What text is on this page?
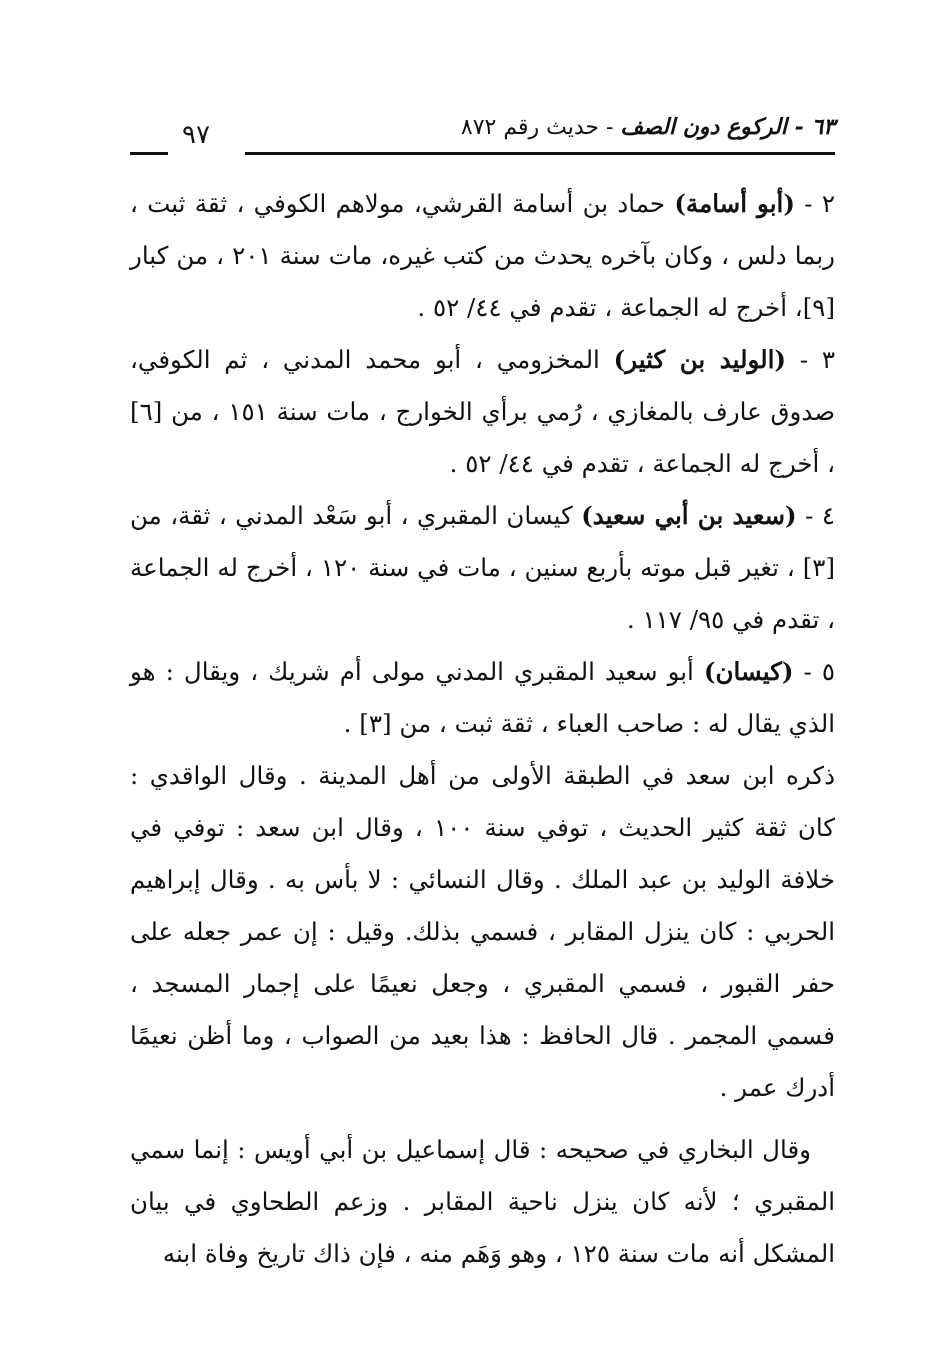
٦٣ - الركوع دون الصف - حديث رقم ٨٧٢
٩٧

٢ - (أبو أسامة) حماد بن أسامة القرشي، مولاهم الكوفي ، ثقة ثبت ، ربما دلس ، وكان بآخره يحدث من كتب غيره، مات سنة ٢٠١ ، من كبار [٩]، أخرج له الجماعة ، تقدم في ٤٤/ ٥٢ .

٣ - (الوليد بن كثير) المخزومي ، أبو محمد المدني ، ثم الكوفي، صدوق عارف بالمغازي ، رُمي برأي الخوارج ، مات سنة ١٥١ ، من [٦] ، أخرج له الجماعة ، تقدم في ٤٤/ ٥٢ .

٤ - (سعيد بن أبي سعيد) كيسان المقبري ، أبو سَعْد المدني ، ثقة، من [٣] ، تغير قبل موته بأربع سنين ، مات في سنة ١٢٠ ، أخرج له الجماعة ، تقدم في ٩٥/ ١١٧ .

٥ - (كيسان) أبو سعيد المقبري المدني مولى أم شريك ، ويقال : هو الذي يقال له : صاحب العباء ، ثقة ثبت ، من [٣] .

ذكره ابن سعد في الطبقة الأولى من أهل المدينة . وقال الواقدي : كان ثقة كثير الحديث ، توفي سنة ١٠٠ ، وقال ابن سعد : توفي في خلافة الوليد بن عبد الملك . وقال النسائي : لا بأس به . وقال إبراهيم الحربي : كان ينزل المقابر ، فسمي بذلك. وقيل : إن عمر جعله على حفر القبور ، فسمي المقبري ، وجعل نعيمًا على إجمار المسجد ، فسمي المجمر . قال الحافظ : هذا بعيد من الصواب ، وما أظن نعيمًا أدرك عمر .

وقال البخاري في صحيحه : قال إسماعيل بن أبي أويس : إنما سمي المقبري ؛ لأنه كان ينزل ناحية المقابر . وزعم الطحاوي في بيان المشكل أنه مات سنة ١٢٥ ، وهو وَهَم منه ، فإن ذاك تاريخ وفاة ابنه
